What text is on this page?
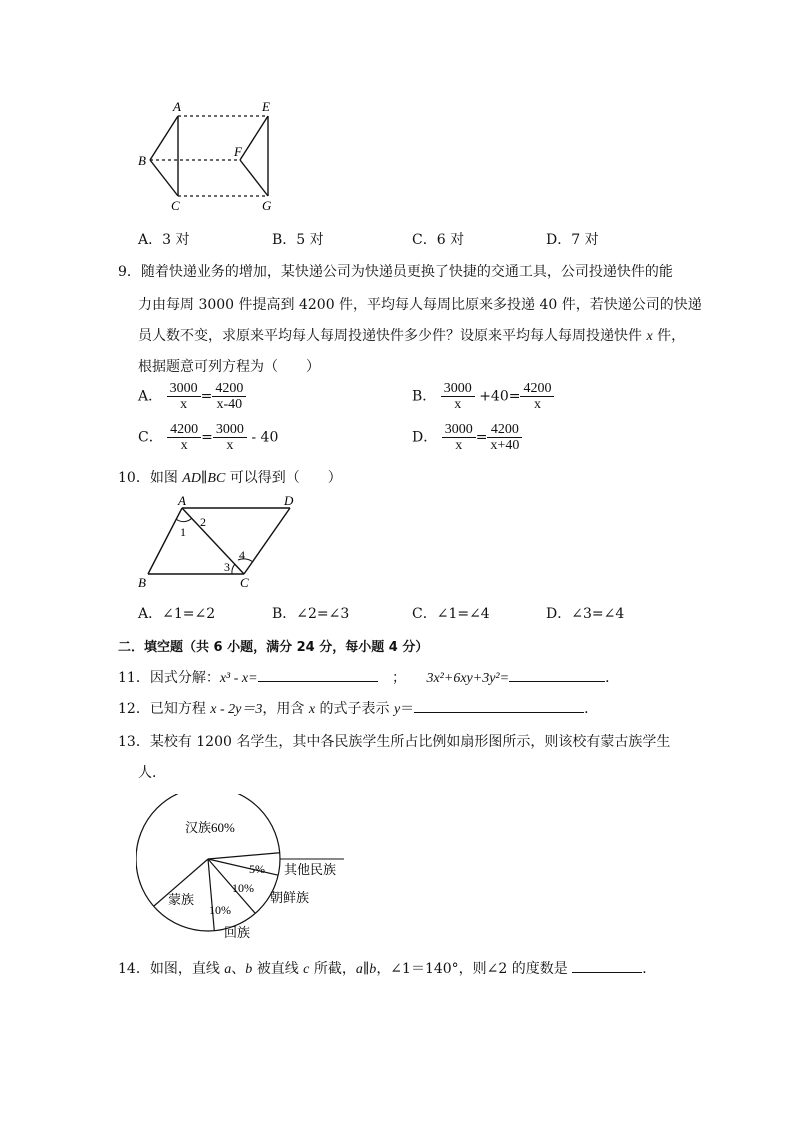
A	E
B
F
C	G
A．3 对	B．5 对	C．6 对	D．7 对
9．随着快递业务的增加，某快递公司为快递员更换了快捷的交通工具，公司投递快件的能
力由每周 3000 件提高到 4200 件，平均每人每周比原来多投递 40 件，若快递公司的快递
员人数不变，求原来平均每人每周投递快件多少件？设原来平均每人每周投递快件 x 件，
根据题意可列方程为（　　）
A． $\frac{3000}{x} = \frac{4200}{x-40}$	B． $\frac{3000}{x} +40= \frac{4200}{x}$
C． $\frac{4200}{x} = \frac{3000}{x} - 40$	D． $\frac{3000}{x} = \frac{4200}{x+40}$
10．如图 AD∥BC 可以得到（　　）
A	D
B	C
1
2
3
4
A．∠1=∠2	B．∠2=∠3	C．∠1=∠4	D．∠3=∠4
二．填空题（共 6 小题，满分 24 分，每小题 4 分）
11．因式分解：x³ - x=	； 3x²+6xy+3y²=	．
12．已知方程 x - 2y＝3，用含 x 的式子表示 y＝	．
13．某校有 1200 名学生，其中各民族学生所占比例如扇形图所示，则该校有蒙古族学生
人．
汉族60%
5%
10%
10%
蒙族
其他民族
朝鲜族
回族
14．如图，直线 a、b 被直线 c 所截，a∥b，∠1＝140°，则∠2 的度数是	．
